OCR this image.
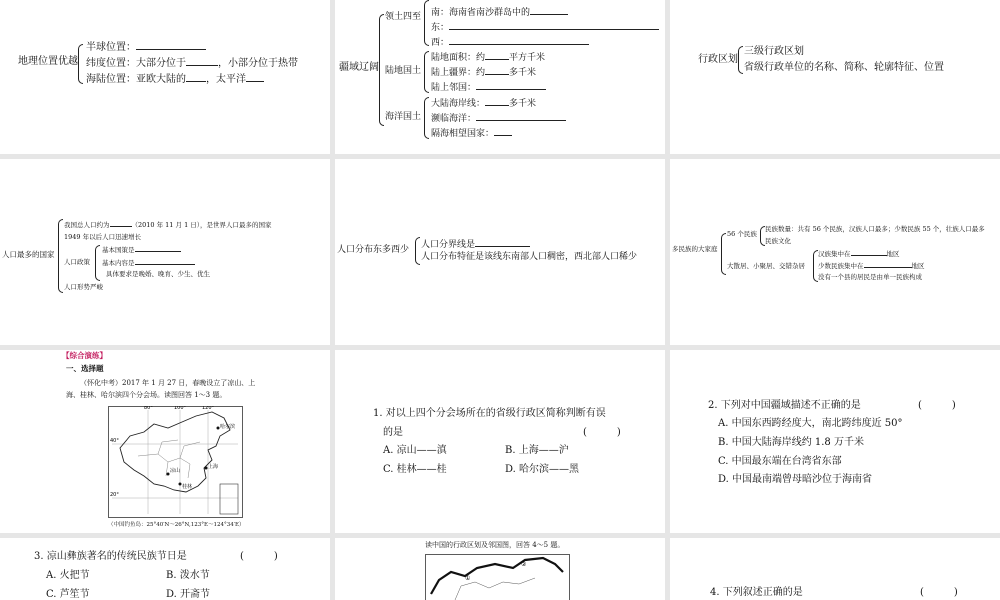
地理位置优越
半球位置：
纬度位置：大部分位于	，小部分位于热带
海陆位置：亚欧大陆的 ，太平洋
疆域辽阔
领土四至 南：海南省南沙群岛中的
东：
西：
陆地国土
陆地面积：约	平方千米
陆上疆界：约	多千米
陆上邻国：
海洋国土
大陆海岸线：	多千米
濒临海洋：
隔海相望国家：
行政区划
三级行政区划
省级行政单位的名称、简称、轮廓特征、位置
人口最多的国家
我国总人口约为	（2010 年 11 月 1 日），是世界人口最多的国家
1949 年以后人口迅速增长
人口政策
基本国策是
基本内容是
具体要求是晚婚、晚育、少生、优生
人口形势严峻
人口分布东多西少 人口分界线是
人口分布特征是该线东南部人口稠密，西北部人口稀少
多民族的大家庭
56 个民族
民族数量：共有 56 个民族，汉族人口最多；少数民族 55 个，壮族人口最多
民族文化
大散居、小聚居、交错杂居
汉族集中在	地区
少数民族集中在	地区
没有一个县的居民是由单一民族构成
【综合演练】
一、选择题
（怀化中考）2017 年 1 月 27 日，春晚设立了凉山、上
海、桂林、哈尔滨四个分会场。读图回答 1～3 题。
80°	100°	120°
40°
20°
哈尔滨
上海
凉山
桂林
（中国钓鱼岛：25°40′N～26°N,123°E～124°34′E）
1. 对以上四个分会场所在的省级行政区简称判断有误
的是	(　　　)
A. 凉山——滇	B. 上海——沪
C. 桂林——桂	D. 哈尔滨——黑
2. 下列对中国疆域描述不正确的是	(　　　)
A. 中国东西跨经度大，南北跨纬度近 50°
B. 中国大陆海岸线约 1.8 万千米
C. 中国最东端在台湾省东部
D. 中国最南端曾母暗沙位于海南省
3. 凉山彝族著名的传统民族节日是	(　　　)
A. 火把节	B. 泼水节
C. 芦笙节	D. 开斋节
读中国的行政区划及邻国图，回答 4～5 题。
①
②
4. 下列叙述正确的是	(　　　)
